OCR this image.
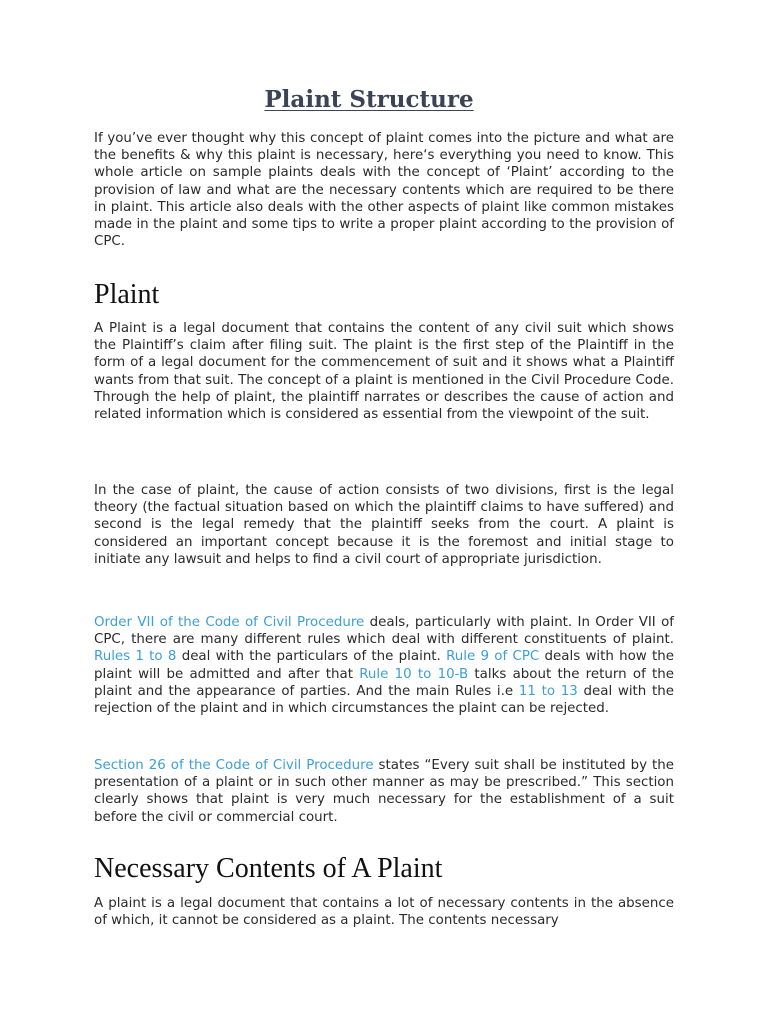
Plaint Structure

If you’ve ever thought why this concept of plaint comes into the picture and what are the benefits & why this plaint is necessary, here‘s everything you need to know. This whole article on sample plaints deals with the concept of ‘Plaint’ according to the provision of law and what are the necessary contents which are required to be there in plaint. This article also deals with the other aspects of plaint like common mistakes made in the plaint and some tips to write a proper plaint according to the provision of CPC.

Plaint

A Plaint is a legal document that contains the content of any civil suit which shows the Plaintiff’s claim after filing suit. The plaint is the first step of the Plaintiff in the form of a legal document for the commencement of suit and it shows what a Plaintiff wants from that suit. The concept of a plaint is mentioned in the Civil Procedure Code. Through the help of plaint, the plaintiff narrates or describes the cause of action and related information which is considered as essential from the viewpoint of the suit.

In the case of plaint, the cause of action consists of two divisions, first is the legal theory (the factual situation based on which the plaintiff claims to have suffered) and second is the legal remedy that the plaintiff seeks from the court. A plaint is considered an important concept because it is the foremost and initial stage to initiate any lawsuit and helps to find a civil court of appropriate jurisdiction.

Order VII of the Code of Civil Procedure deals, particularly with plaint. In Order VII of CPC, there are many different rules which deal with different constituents of plaint. Rules 1 to 8 deal with the particulars of the plaint. Rule 9 of CPC deals with how the plaint will be admitted and after that Rule 10 to 10-B talks about the return of the plaint and the appearance of parties. And the main Rules i.e 11 to 13 deal with the rejection of the plaint and in which circumstances the plaint can be rejected.

Section 26 of the Code of Civil Procedure states “Every suit shall be instituted by the presentation of a plaint or in such other manner as may be prescribed.” This section clearly shows that plaint is very much necessary for the establishment of a suit before the civil or commercial court.

Necessary Contents of A Plaint

A plaint is a legal document that contains a lot of necessary contents in the absence of which, it cannot be considered as a plaint. The contents necessary
